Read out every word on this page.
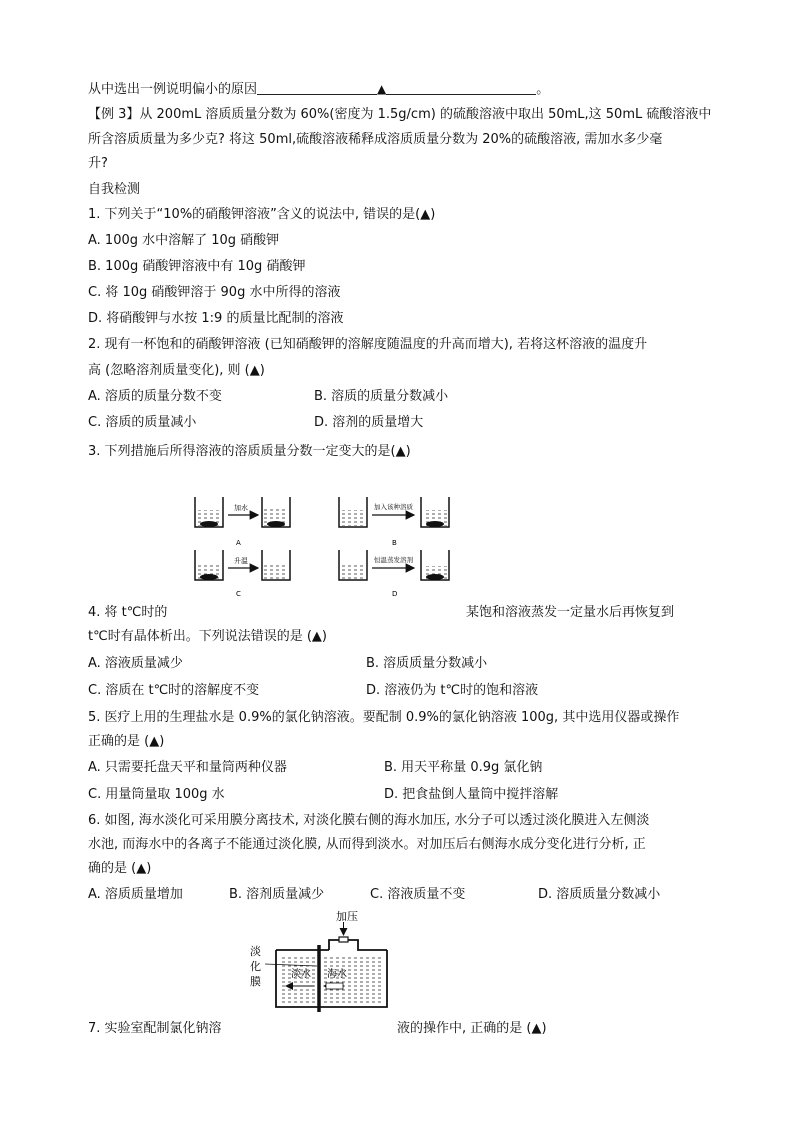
从中选出一例说明偏小的原因	▲	。
【例 3】从 200mL 溶质质量分数为 60%(密度为 1.5g/cm) 的硫酸溶液中取出 50mL,这 50mL 硫酸溶液中
所含溶质质量为多少克? 将这 50ml,硫酸溶液稀释成溶质质量分数为 20%的硫酸溶液, 需加水多少毫
升?
自我检测
1. 下列关于“10%的硝酸钾溶液”含义的说法中, 错误的是(▲)
A. 100g 水中溶解了 10g 硝酸钾
B. 100g 硝酸钾溶液中有 10g 硝酸钾
C. 将 10g 硝酸钾溶于 90g 水中所得的溶液
D. 将硝酸钾与水按 1:9 的质量比配制的溶液
2. 现有一杯饱和的硝酸钾溶液 (已知硝酸钾的溶解度随温度的升高而增大), 若将这杯溶液的温度升
高 (忽略溶剂质量变化), 则 (▲)
A. 溶质的质量分数不变	B. 溶质的质量分数减小
C. 溶质的质量减小	D. 溶剂的质量增大
3. 下列措施后所得溶液的溶质质量分数一定变大的是(▲)
加水
A
加入该种溶质
B
升温
C
恒温蒸发溶剂
D
加压
淡水 海水
淡
化
膜
4. 将 t℃时的	某饱和溶液蒸发一定量水后再恢复到
t℃时有晶体析出。下列说法错误的是 (▲)
A. 溶液质量减少	B. 溶质质量分数减小
C. 溶质在 t℃时的溶解度不变	D. 溶液仍为 t℃时的饱和溶液
5. 医疗上用的生理盐水是 0.9%的氯化钠溶液。要配制 0.9%的氯化钠溶液 100g, 其中选用仪器或操作
正确的是 (▲)
A. 只需要托盘天平和量筒两种仪器	B. 用天平称量 0.9g 氯化钠
C. 用量筒量取 100g 水	D. 把食盐倒人量筒中搅拌溶解
6. 如图, 海水淡化可采用膜分离技术, 对淡化膜右侧的海水加压, 水分子可以透过淡化膜进入左侧淡
水池, 而海水中的各离子不能通过淡化膜, 从而得到淡水。对加压后右侧海水成分变化进行分析, 正
确的是 (▲)
A. 溶质质量增加	B. 溶剂质量减少	C. 溶液质量不变	D. 溶质质量分数减小
7. 实验室配制氯化钠溶	液的操作中, 正确的是 (▲)
